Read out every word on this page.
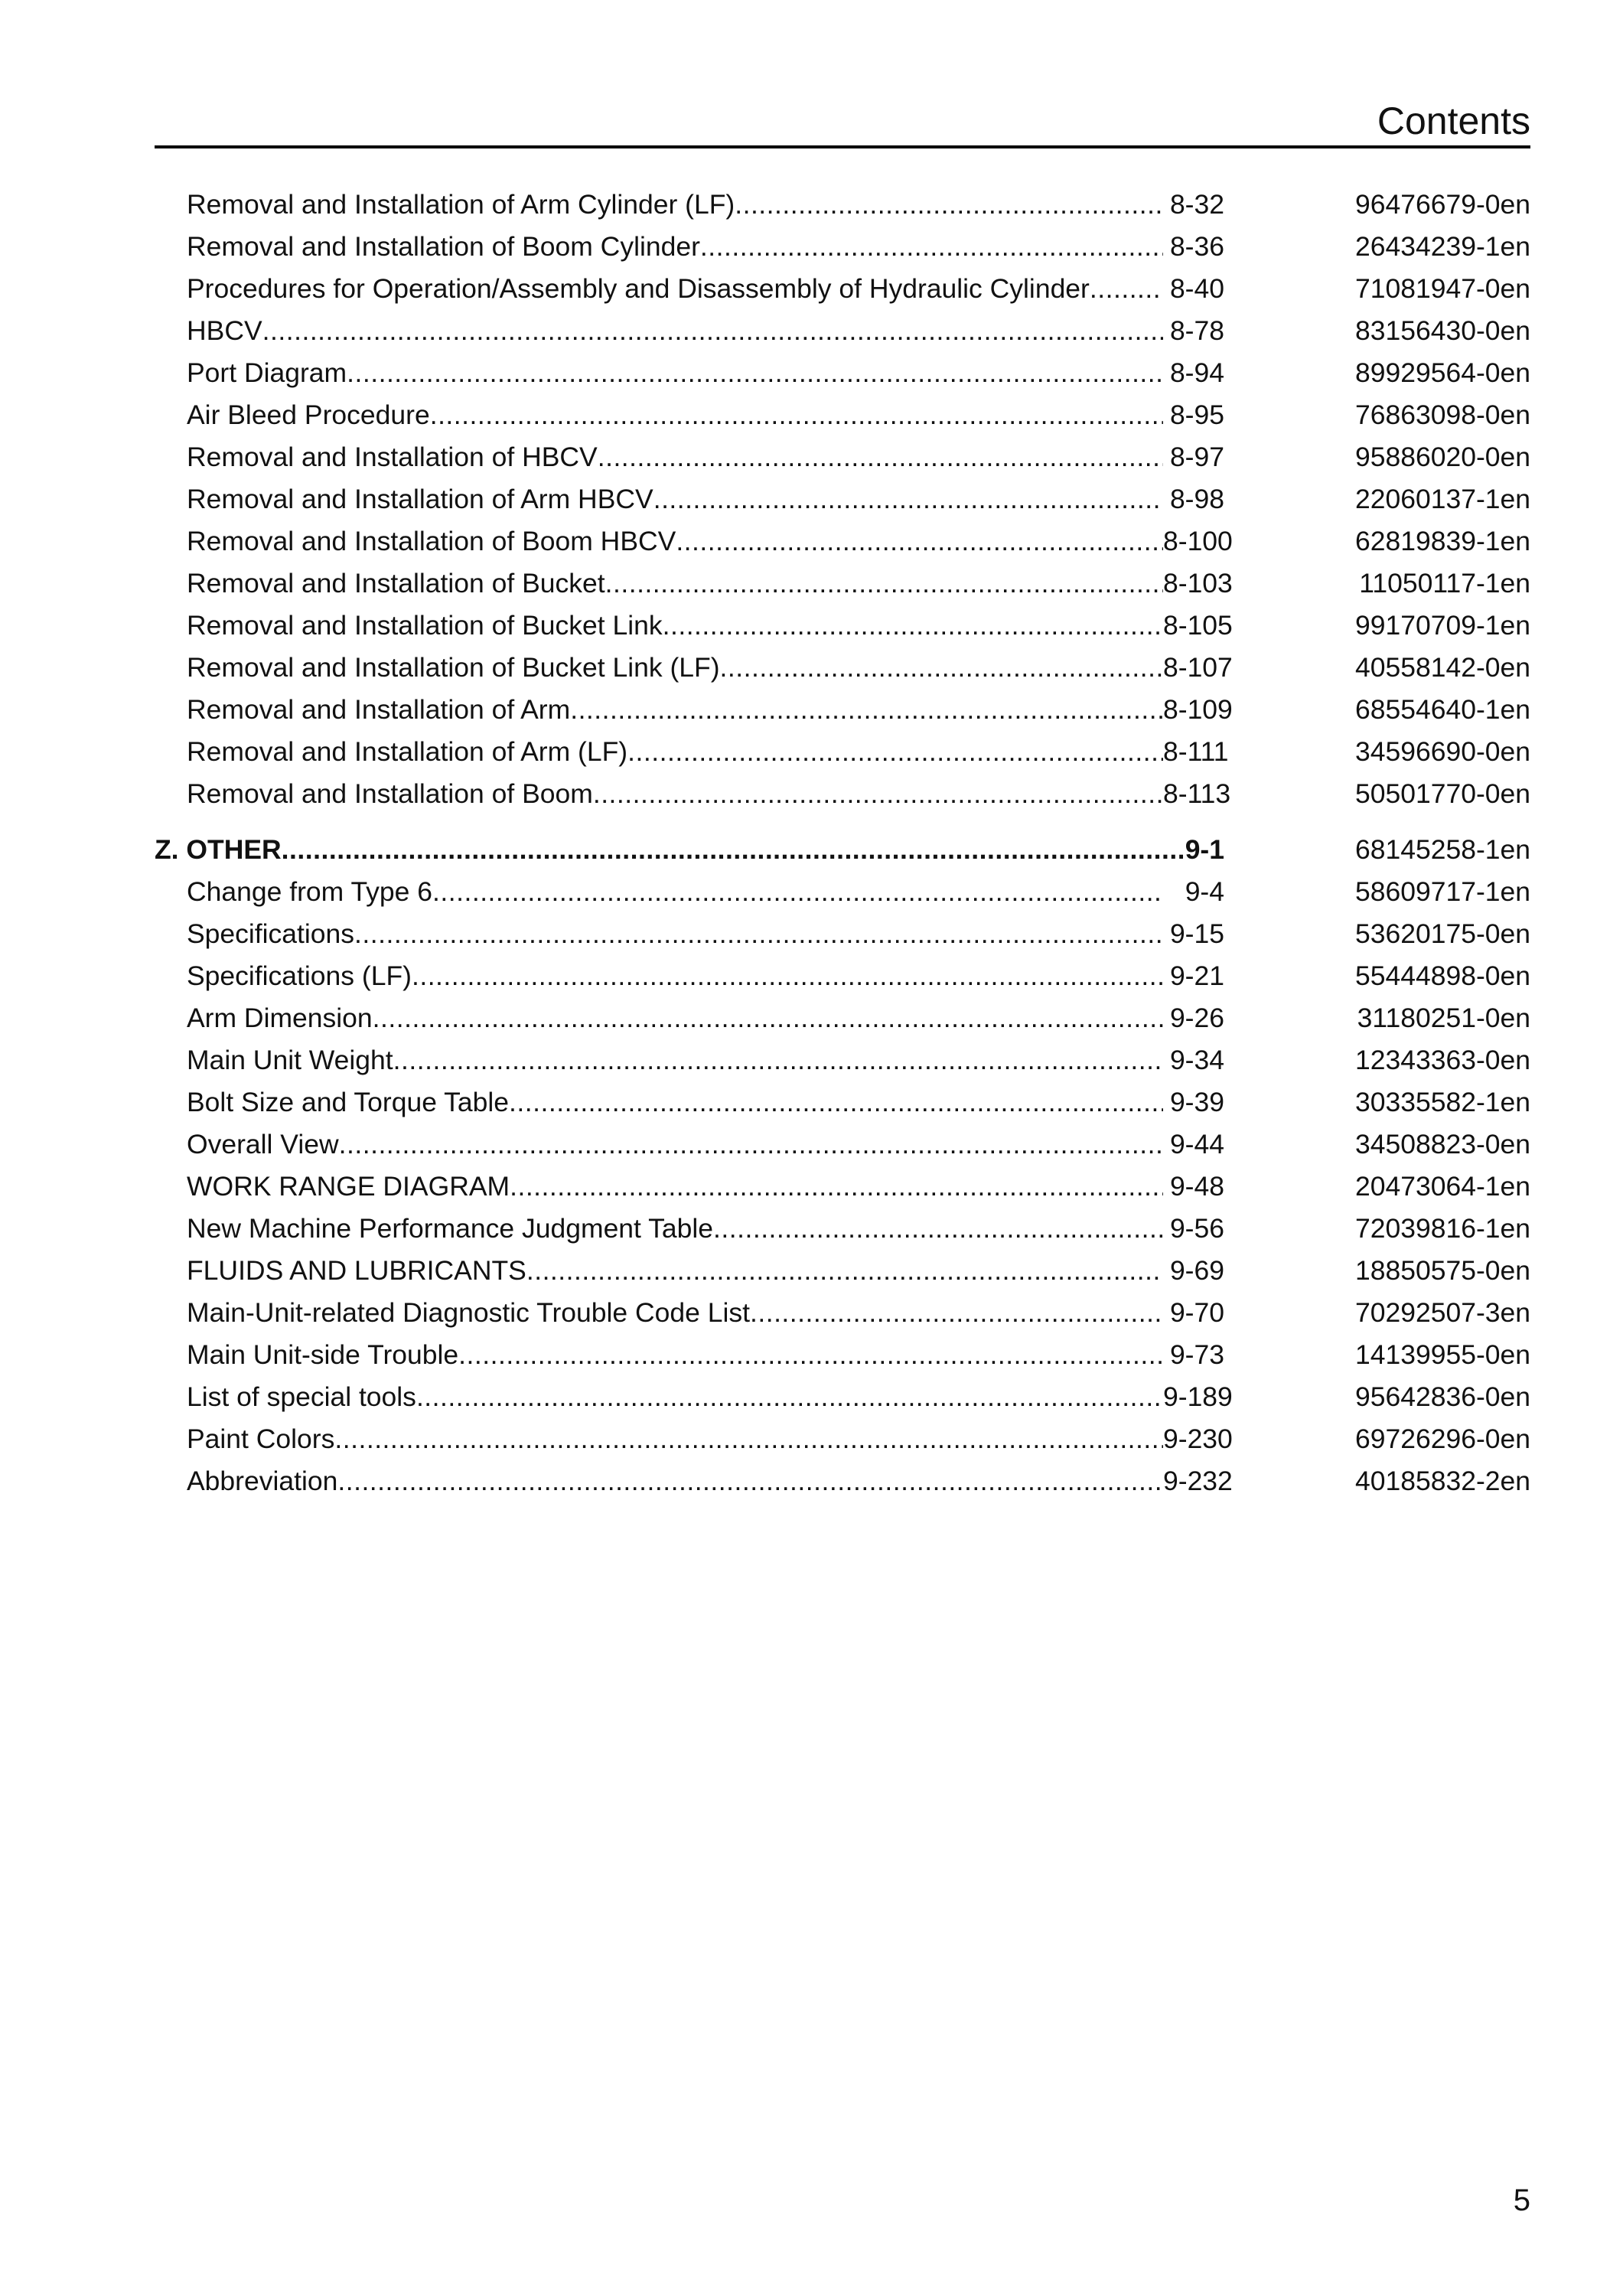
Contents
Removal and Installation of Arm Cylinder (LF) .....	8-32	96476679-0en
Removal and Installation of Boom Cylinder .....	8-36	26434239-1en
Procedures for Operation/Assembly and Disassembly of Hydraulic Cylinder .....	8-40	71081947-0en
HBCV .....	8-78	83156430-0en
Port Diagram .....	8-94	89929564-0en
Air Bleed Procedure .....	8-95	76863098-0en
Removal and Installation of HBCV .....	8-97	95886020-0en
Removal and Installation of Arm HBCV .....	8-98	22060137-1en
Removal and Installation of Boom HBCV .....	8-100	62819839-1en
Removal and Installation of Bucket .....	8-103	11050117-1en
Removal and Installation of Bucket Link .....	8-105	99170709-1en
Removal and Installation of Bucket Link (LF) .....	8-107	40558142-0en
Removal and Installation of Arm .....	8-109	68554640-1en
Removal and Installation of Arm (LF) .....	8-111	34596690-0en
Removal and Installation of Boom .....	8-113	50501770-0en
Z. OTHER .....	9-1	68145258-1en
Change from Type 6 .....	9-4	58609717-1en
Specifications .....	9-15	53620175-0en
Specifications (LF) .....	9-21	55444898-0en
Arm Dimension .....	9-26	31180251-0en
Main Unit Weight .....	9-34	12343363-0en
Bolt Size and Torque Table .....	9-39	30335582-1en
Overall View .....	9-44	34508823-0en
WORK RANGE DIAGRAM .....	9-48	20473064-1en
New Machine Performance Judgment Table .....	9-56	72039816-1en
FLUIDS AND LUBRICANTS .....	9-69	18850575-0en
Main-Unit-related Diagnostic Trouble Code List .....	9-70	70292507-3en
Main Unit-side Trouble .....	9-73	14139955-0en
List of special tools .....	9-189	95642836-0en
Paint Colors .....	9-230	69726296-0en
Abbreviation .....	9-232	40185832-2en
5
